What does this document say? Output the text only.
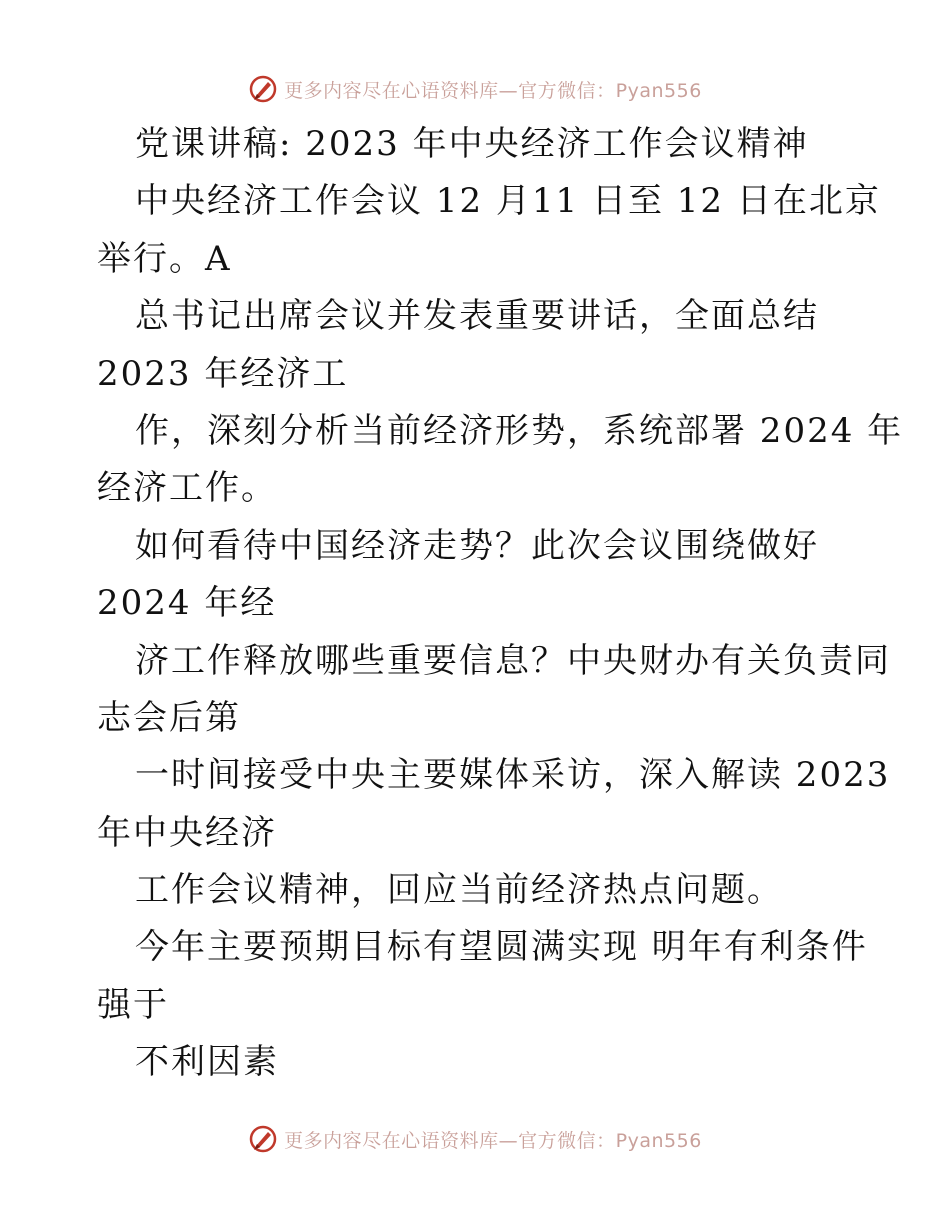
更多内容尽在心语资料库—官方微信：Pyan556
党课讲稿: 2023 年中央经济工作会议精神
中央经济工作会议 12 月11 日至 12 日在北京
举行。A
总书记出席会议并发表重要讲话，全面总结
2023 年经济工
作，深刻分析当前经济形势，系统部署 2024 年
经济工作。
如何看待中国经济走势？此次会议围绕做好
2024 年经
济工作释放哪些重要信息？中央财办有关负责同
志会后第
一时间接受中央主要媒体采访，深入解读 2023
年中央经济
工作会议精神，回应当前经济热点问题。
今年主要预期目标有望圆满实现 明年有利条件
强于
不利因素
更多内容尽在心语资料库—官方微信：Pyan556
